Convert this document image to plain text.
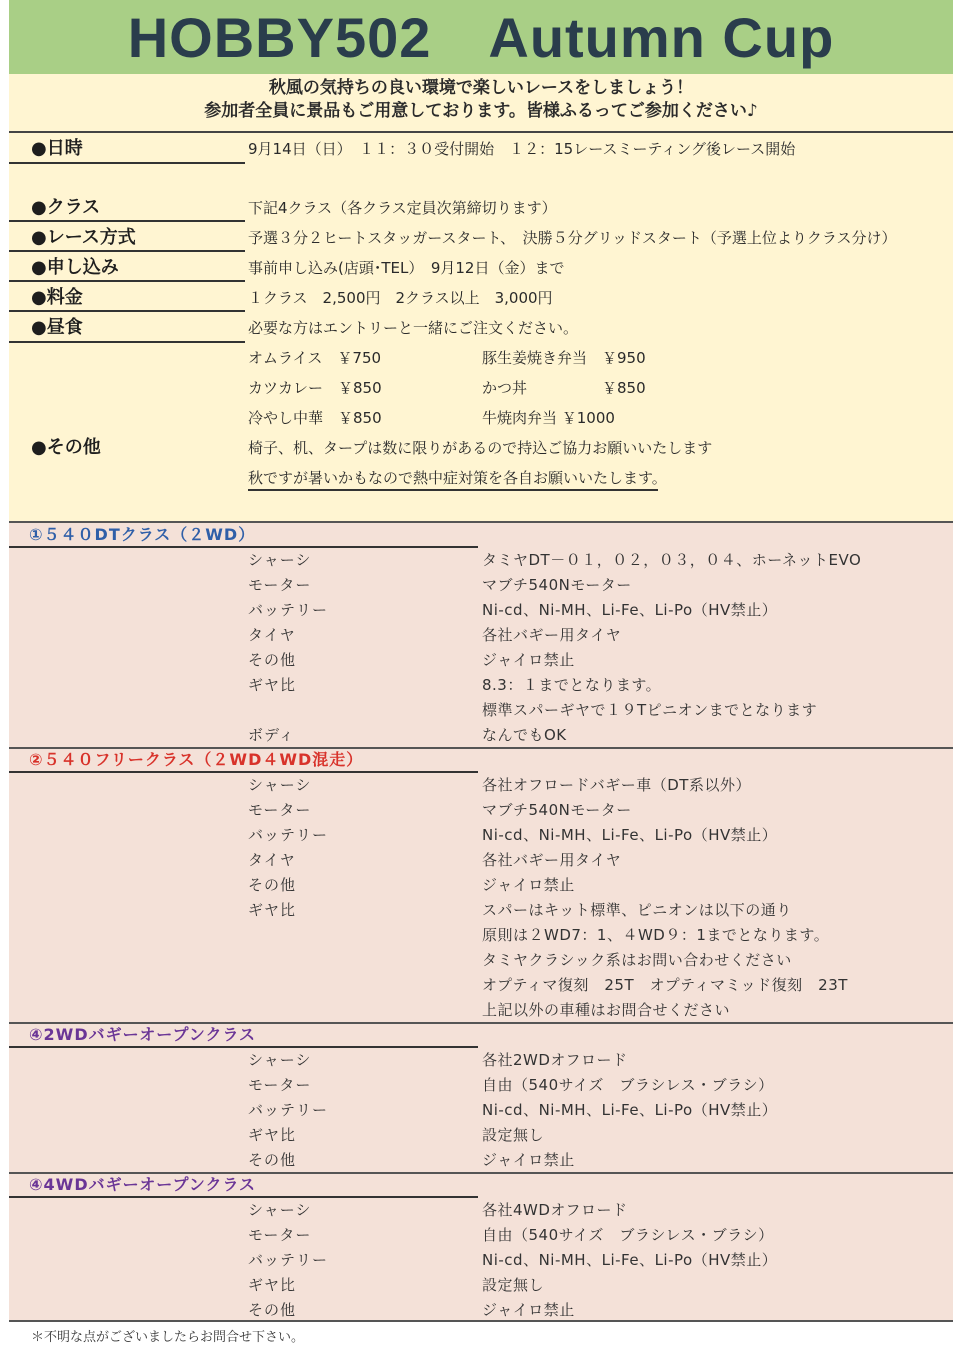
HOBBY502　Autumn Cup
秋風の気持ちの良い環境で楽しいレースをしましょう！
参加者全員に景品もご用意しております。皆様ふるってご参加ください♪
●日時	9月14日（日）　１１：３０受付開始　１２：15レースミーティング後レース開始
●クラス	下記4クラス（各クラス定員次第締切ります）
●レース方式	予選３分２ヒートスタッガースタート、　決勝５分グリッドスタート（予選上位よりクラス分け）
●申し込み	事前申し込み(店頭･TEL）　9月12日（金）まで
●料金	１クラス　2,500円　2クラス以上　3,000円
●昼食	必要な方はエントリーと一緒にご注文ください。
オムライス　￥750	豚生姜焼き弁当　￥950
カツカレー　￥850	かつ丼　　　　　￥850
冷やし中華　￥850	牛焼肉弁当 ￥1000
●その他	椅子、机、タープは数に限りがあるので持込ご協力お願いいたします
秋ですが暑いかもなので熱中症対策を各自お願いいたします。
①５４０DTクラス（２WD）
シャーシ	タミヤDT－０１，０２，０３，０４、ホーネットEVO
モーター	マブチ540Nモーター
バッテリー	Ni-cd、Ni-MH、Li-Fe、Li-Po（HV禁止）
タイヤ	各社バギー用タイヤ
その他	ジャイロ禁止
ギヤ比	8.3：１までとなります。
標準スパーギヤで１９Tピニオンまでとなります
ボディ	なんでもOK
②５４０フリークラス（２WD４WD混走）
シャーシ	各社オフロードバギー車（DT系以外）
モーター	マブチ540Nモーター
バッテリー	Ni-cd、Ni-MH、Li-Fe、Li-Po（HV禁止）
タイヤ	各社バギー用タイヤ
その他	ジャイロ禁止
ギヤ比	スパーはキット標準、ピニオンは以下の通り
原則は２WD7：1、４WD９：1までとなります。
タミヤクラシック系はお問い合わせください
オプティマ復刻　25T　オプティマミッド復刻　23T
上記以外の車種はお問合せください
④2WDバギーオープンクラス
シャーシ	各社2WDオフロード
モーター	自由（540サイズ　ブラシレス・ブラシ）
バッテリー	Ni-cd、Ni-MH、Li-Fe、Li-Po（HV禁止）
ギヤ比	設定無し
その他	ジャイロ禁止
④4WDバギーオープンクラス
シャーシ	各社4WDオフロード
モーター	自由（540サイズ　ブラシレス・ブラシ）
バッテリー	Ni-cd、Ni-MH、Li-Fe、Li-Po（HV禁止）
ギヤ比	設定無し
その他	ジャイロ禁止
＊不明な点がございましたらお問合せ下さい。
